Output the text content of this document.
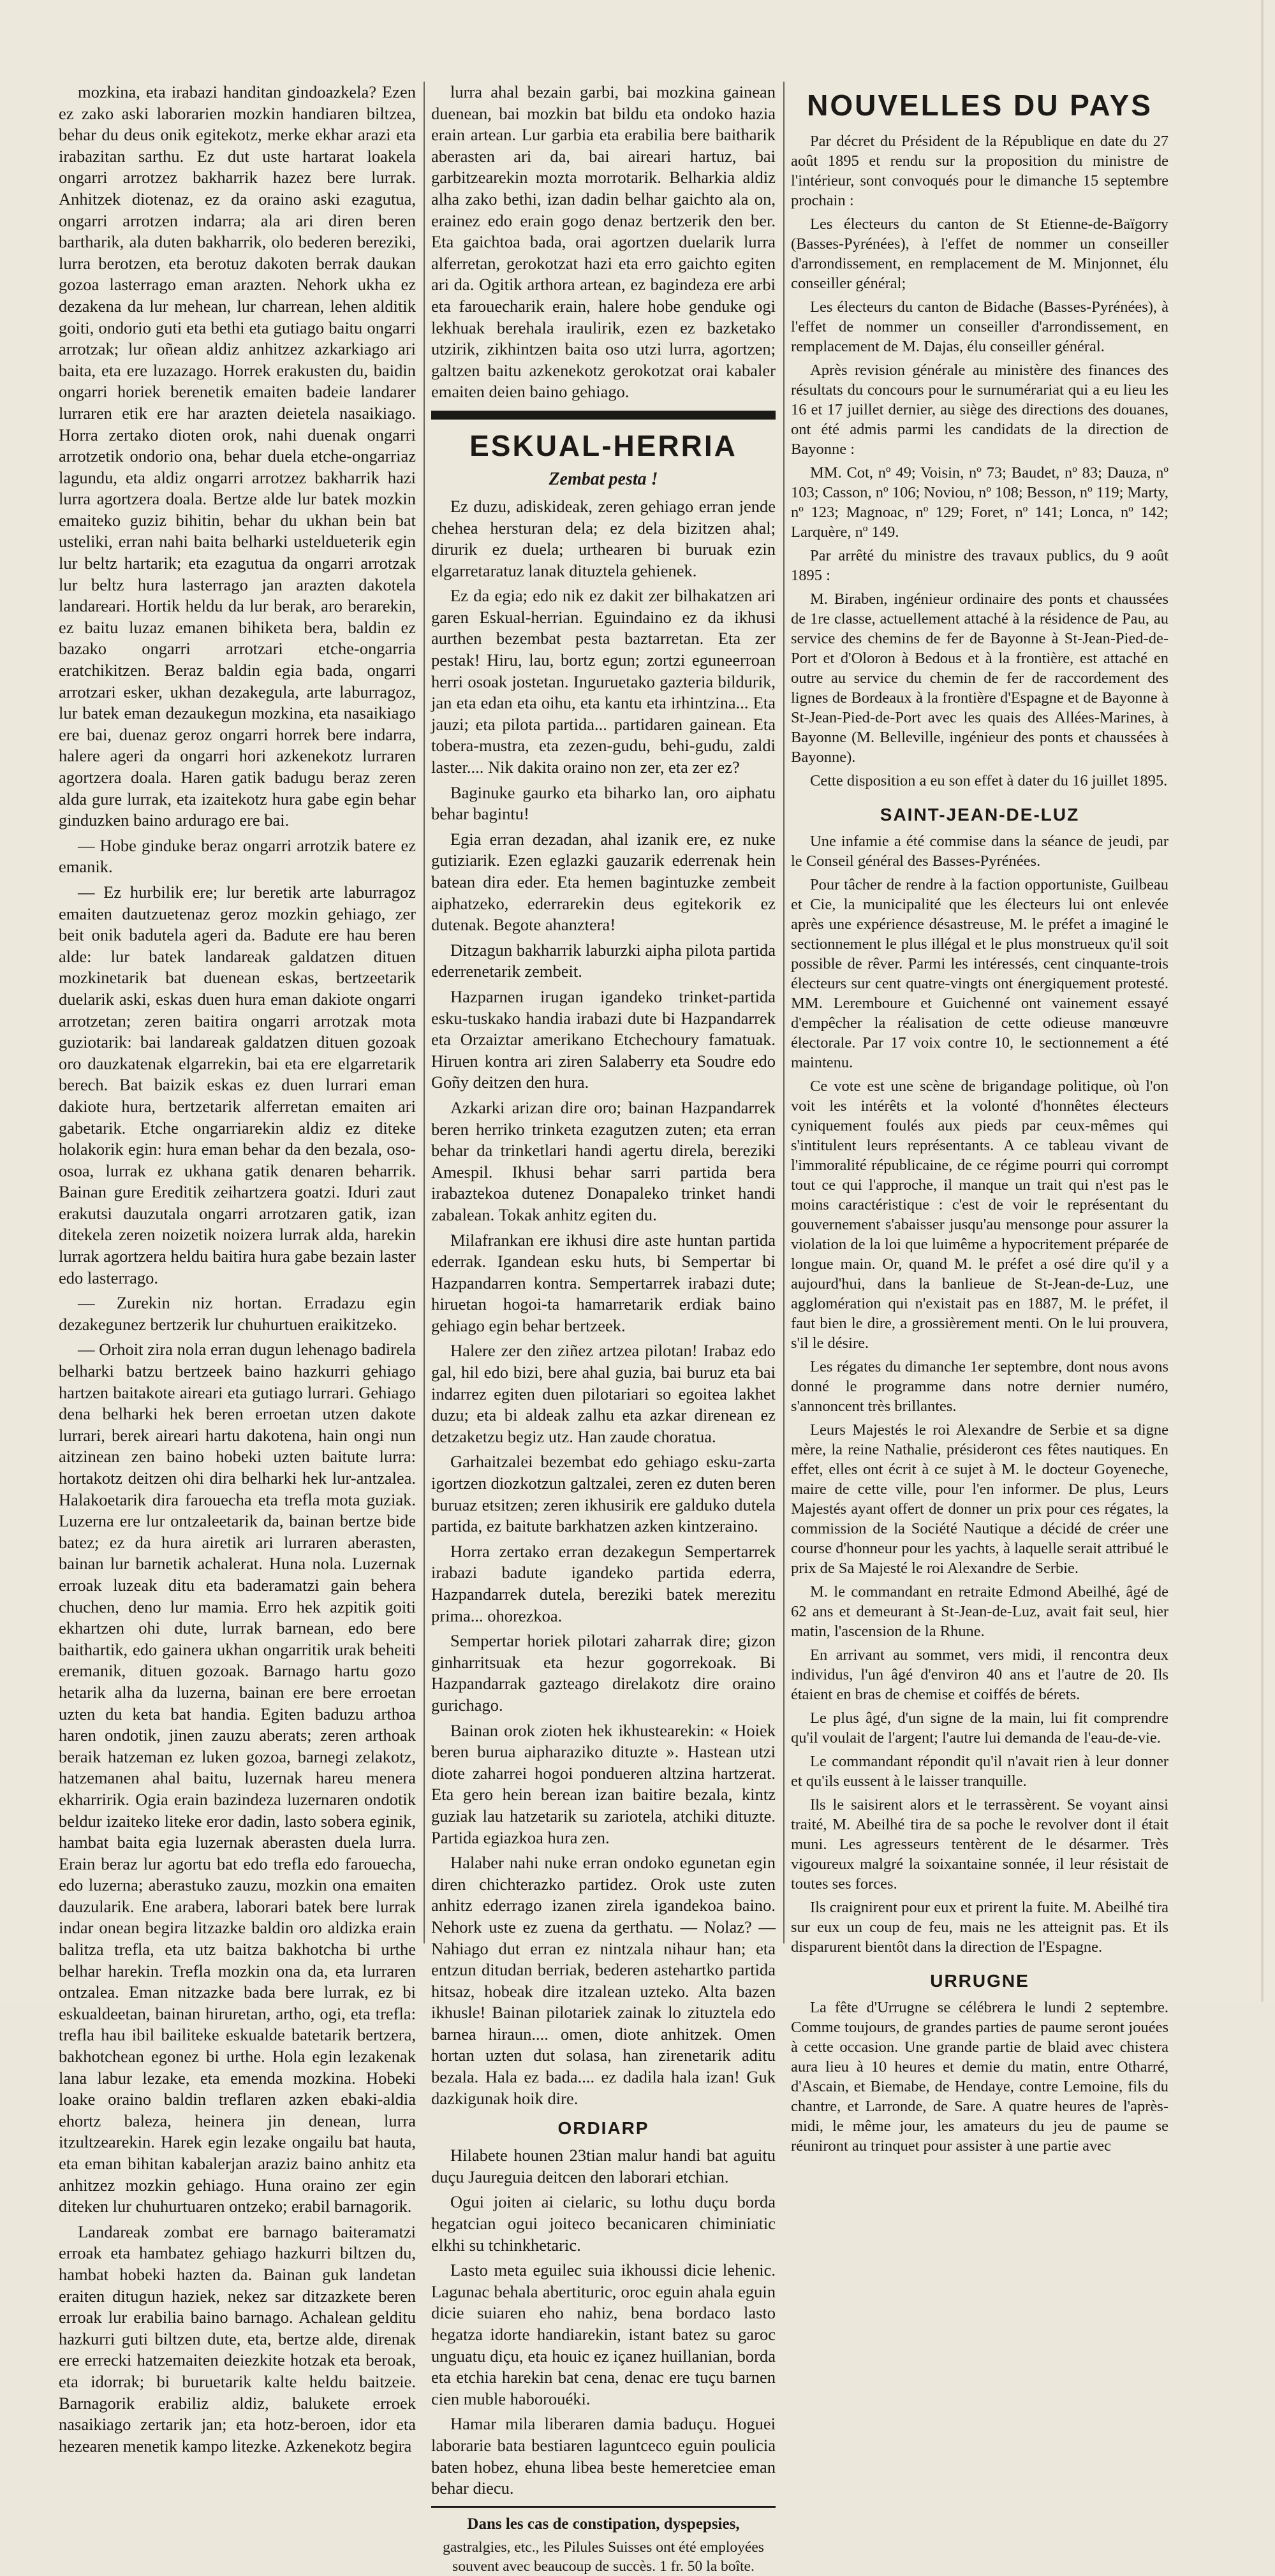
mozkina, eta irabazi handitan gindoazkela? Ezen ez zako aski laborarien mozkin handiaren biltzea, behar du deus onik egitekotz, merke ekhar arazi eta irabazitan sarthu. Ez dut uste hartarat loakela ongarri arrotzez bakharrik hazez bere lurrak. Anhitzek diotenaz, ez da oraino aski ezagutua, ongarri arrotzen indarra; ala ari diren beren bartharik, ala duten bakharrik, olo bederen bereziki, lurra berotzen, eta berotuz dakoten berrak daukan gozoa lasterrago eman arazten. Nehork ukha ez dezakena da lur mehean, lur charrean, lehen alditik goiti, ondorio guti eta bethi eta gutiago baitu ongarri arrotzak; lur oñean aldiz anhitzez azkarkiago ari baita, eta ere luzazago. Horrek erakusten du, baidin ongarri horiek berenetik emaiten badeie landarer lurraren etik ere har arazten deietela nasaikiago. Horra zertako dioten orok, nahi duenak ongarri arrotzetik ondorio ona, behar duela etche-ongarriaz lagundu, eta aldiz ongarri arrotzez bakharrik hazi lurra agortzera doala. Bertze alde lur batek mozkin emaiteko guziz bihitin, behar du ukhan bein bat usteliki, erran nahi baita belharki usteldueterik egin lur beltz hartarik; eta ezagutua da ongarri arrotzak lur beltz hura lasterrago jan arazten dakotela landareari. Hortik heldu da lur berak, aro berarekin, ez baitu luzaz emanen bihiketa bera, baldin ez bazako ongarri arrotzari etche-ongarria eratchikitzen. Beraz baldin egia bada, ongarri arrotzari esker, ukhan dezakegula, arte laburragoz, lur batek eman dezaukegun mozkina, eta nasaikiago ere bai, duenaz geroz ongarri horrek bere indarra, halere ageri da ongarri hori azkenekotz lurraren agortzera doala. Haren gatik badugu beraz zeren alda gure lurrak, eta izaitekotz hura gabe egin behar ginduzken baino ardurago ere bai.

— Hobe ginduke beraz ongarri arrotzik batere ez emanik.

— Ez hurbilik ere; lur beretik arte laburragoz emaiten dautzuetenaz geroz mozkin gehiago, zer beit onik badutela ageri da. Badute ere hau beren alde: lur batek landareak galdatzen dituen mozkinetarik bat duenean eskas, bertzeetarik duelarik aski, eskas duen hura eman dakiote ongarri arrotzetan; zeren baitira ongarri arrotzak mota guziotarik: bai landareak galdatzen dituen gozoak oro dauzkatenak elgarrekin, bai eta ere elgarretarik berech. Bat baizik eskas ez duen lurrari eman dakiote hura, bertzetarik alferretan emaiten ari gabetarik. Etche ongarriarekin aldiz ez diteke holakorik egin: hura eman behar da den bezala, oso-osoa, lurrak ez ukhana gatik denaren beharrik. Bainan gure Ereditik zeihartzera goatzi. Iduri zaut erakutsi dauzutala ongarri arrotzaren gatik, izan ditekela zeren noizetik noizera lurrak alda, harekin lurrak agortzera heldu baitira hura gabe bezain laster edo lasterrago.

— Zurekin niz hortan. Erradazu egin dezakegunez bertzerik lur chuhurtuen eraikitzeko.

— Orhoit zira nola erran dugun lehenago badirela belharki batzu bertzeek baino hazkurri gehiago hartzen baitakote aireari eta gutiago lurrari. Gehiago dena belharki hek beren erroetan utzen dakote lurrari, berek aireari hartu dakotena, hain ongi nun aitzinean zen baino hobeki uzten baitute lurra: hortakotz deitzen ohi dira belharki hek lur-antzalea. Halakoetarik dira farouecha eta trefla mota guziak. Luzerna ere lur ontzaleetarik da, bainan bertze bide batez; ez da hura airetik ari lurraren aberasten, bainan lur barnetik achalerat. Huna nola. Luzernak erroak luzeak ditu eta baderamatzi gain behera chuchen, deno lur mamia. Erro hek azpitik goiti ekhartzen ohi dute, lurrak barnean, edo bere baithartik, edo gainera ukhan ongarritik urak beheiti eremanik, dituen gozoak. Barnago hartu gozo hetarik alha da luzerna, bainan ere bere erroetan uzten du keta bat handia. Egiten baduzu arthoa haren ondotik, jinen zauzu aberats; zeren arthoak beraik hatzeman ez luken gozoa, barnegi zelakotz, hatzemanen ahal baitu, luzernak hareu menera ekharririk. Ogia erain bazindeza luzernaren ondotik beldur izaiteko liteke eror dadin, lasto sobera eginik, hambat baita egia luzernak aberasten duela lurra. Erain beraz lur agortu bat edo trefla edo farouecha, edo luzerna; aberastuko zauzu, mozkin ona emaiten dauzularik. Ene arabera, laborari batek bere lurrak indar onean begira litzazke baldin oro aldizka erain balitza trefla, eta utz baitza bakhotcha bi urthe belhar harekin. Trefla mozkin ona da, eta lurraren ontzalea. Eman nitzazke bada bere lurrak, ez bi eskualdeetan, bainan hiruretan, artho, ogi, eta trefla: trefla hau ibil bailiteke eskualde batetarik bertzera, bakhotchean egonez bi urthe. Hola egin lezakenak lana labur lezake, eta emenda mozkina. Hobeki loake oraino baldin treflaren azken ebaki-aldia ehortz baleza, heinera jin denean, lurra itzultzearekin. Harek egin lezake ongailu bat hauta, eta eman bihitan kabalerjan araziz baino anhitz eta anhitzez mozkin gehiago. Huna oraino zer egin diteken lur chuhurtuaren ontzeko; erabil barnagorik.

Landareak zombat ere barnago baiteramatzi erroak eta hambatez gehiago hazkurri biltzen du, hambat hobeki hazten da. Bainan guk landetan eraiten ditugun haziek, nekez sar ditzazkete beren erroak lur erabilia baino barnago. Achalean gelditu hazkurri guti biltzen dute, eta, bertze alde, direnak ere errecki hatzemaiten deiezkite hotzak eta beroak, eta idorrak; bi buruetarik kalte heldu baitzeie. Barnagorik erabiliz aldiz, balukete erroek nasaikiago zertarik jan; eta hotz-beroen, idor eta hezearen menetik kampo litezke. Azkenekotz begira

lurra ahal bezain garbi, bai mozkina gainean duenean, bai mozkin bat bildu eta ondoko hazia erain artean. Lur garbia eta erabilia bere baitharik aberasten ari da, bai aireari hartuz, bai garbitzearekin mozta morrotarik. Belharkia aldiz alha zako bethi, izan dadin belhar gaichto ala on, erainez edo erain gogo denaz bertzerik den ber. Eta gaichtoa bada, orai agortzen duelarik lurra alferretan, gerokotzat hazi eta erro gaichto egiten ari da. Ogitik arthora artean, ez bagindeza ere arbi eta farouecharik erain, halere hobe genduke ogi lekhuak berehala iraulirik, ezen ez bazketako utzirik, zikhintzen baita oso utzi lurra, agortzen; galtzen baitu azkenekotz gerokotzat orai kabaler emaiten deien baino gehiago.

ESKUAL-HERRIA
Zembat pesta !

Ez duzu, adiskideak, zeren gehiago erran jende chehea hersturan dela; ez dela bizitzen ahal; dirurik ez duela; urthearen bi buruak ezin elgarretaratuz lanak dituztela gehienek.

Ez da egia; edo nik ez dakit zer bilhakatzen ari garen Eskual-herrian. Eguindaino ez da ikhusi aurthen bezembat pesta baztarretan. Eta zer pestak! Hiru, lau, bortz egun; zortzi eguneerroan herri osoak jostetan. Inguruetako gazteria bildurik, jan eta edan eta oihu, eta kantu eta irhintzina... Eta jauzi; eta pilota partida... partidaren gainean. Eta tobera-mustra, eta zezen-gudu, behi-gudu, zaldi laster.... Nik dakita oraino non zer, eta zer ez?

Baginuke gaurko eta biharko lan, oro aiphatu behar bagintu!

Egia erran dezadan, ahal izanik ere, ez nuke gutiziarik. Ezen eglazki gauzarik ederrenak hein batean dira eder. Eta hemen bagintuzke zembeit aiphatzeko, ederrarekin deus egitekorik ez dutenak. Begote ahanztera!

Ditzagun bakharrik laburzki aipha pilota partida ederrenetarik zembeit.

Hazparnen irugan igandeko trinket-partida esku-tuskako handia irabazi dute bi Hazpandarrek eta Orzaiztar amerikano Etchechoury famatuak. Hiruen kontra ari ziren Salaberry eta Soudre edo Goñy deitzen den hura.

Azkarki arizan dire oro; bainan Hazpandarrek beren herriko trinketa ezagutzen zuten; eta erran behar da trinketlari handi agertu direla, bereziki Amespil. Ikhusi behar sarri partida bera irabaztekoa dutenez Donapaleko trinket handi zabalean. Tokak anhitz egiten du.

Milafrankan ere ikhusi dire aste huntan partida ederrak. Igandean esku huts, bi Sempertar bi Hazpandarren kontra. Sempertarrek irabazi dute; hiruetan hogoi-ta hamarretarik erdiak baino gehiago egin behar bertzeek.

Halere zer den ziñez artzea pilotan! Irabaz edo gal, hil edo bizi, bere ahal guzia, bai buruz eta bai indarrez egiten duen pilotariari so egoitea lakhet duzu; eta bi aldeak zalhu eta azkar direnean ez detzaketzu begiz utz. Han zaude choratua.

Garhaitzalei bezembat edo gehiago esku-zarta igortzen diozkotzun galtzalei, zeren ez duten beren buruaz etsitzen; zeren ikhusirik ere galduko dutela partida, ez baitute barkhatzen azken kintzeraino.

Horra zertako erran dezakegun Sempertarrek irabazi badute igandeko partida ederra, Hazpandarrek dutela, bereziki batek merezitu prima... ohorezkoa.

Sempertar horiek pilotari zaharrak dire; gizon ginharritsuak eta hezur gogorrekoak. Bi Hazpandarrak gazteago direlakotz dire oraino gurichago.

Bainan orok zioten hek ikhustearekin: « Hoiek beren burua aipharaziko dituzte ». Hastean utzi diote zaharrei hogoi pondueren altzina hartzerat. Eta gero hein berean izan baitire bezala, kintz guziak lau hatzetarik su zariotela, atchiki dituzte. Partida egiazkoa hura zen.

Halaber nahi nuke erran ondoko egunetan egin diren chichterazko partidez. Orok uste zuten anhitz ederrago izanen zirela igandekoa baino. Nehork uste ez zuena da gerthatu. — Nolaz? — Nahiago dut erran ez nintzala nihaur han; eta entzun ditudan berriak, bederen astehartko partida hitsaz, hobeak dire itzalean uzteko. Alta bazen ikhusle! Bainan pilotariek zainak lo zituztela edo barnea hiraun.... omen, diote anhitzek. Omen hortan uzten dut solasa, han zirenetarik aditu bezala. Hala ez bada.... ez dadila hala izan! Guk dazkigunak hoik dire.

ORDIARP

Hilabete hounen 23tian malur handi bat aguitu duçu Jaureguia deitcen den laborari etchian.

Ogui joiten ai cielaric, su lothu duçu borda hegatcian ogui joiteco becanicaren chiminiatic elkhi su tchinkhetaric.

Lasto meta eguilec suia ikhoussi dicie lehenic. Lagunac behala abertituric, oroc eguin ahala eguin dicie suiaren eho nahiz, bena bordaco lasto hegatza idorte handiarekin, istant batez su garoc unguatu diçu, eta houic ez içanez huillanian, borda eta etchia harekin bat cena, denac ere tuçu barnen cien muble haborouéki.

Hamar mila liberaren damia baduçu. Hoguei laborarie bata bestiaren laguntceco eguin poulicia baten hobez, ehuna libea beste hemeretciee eman behar diecu.

Dans les cas de constipation, dyspepsies,

gastralgies, etc., les Pilules Suisses ont été employées souvent avec beaucoup de succès. 1 fr. 50 la boîte.

NOUVELLES DU PAYS

Par décret du Président de la République en date du 27 août 1895 et rendu sur la proposition du ministre de l'intérieur, sont convoqués pour le dimanche 15 septembre prochain :

Les électeurs du canton de St Etienne-de-Baïgorry (Basses-Pyrénées), à l'effet de nommer un conseiller d'arrondissement, en remplacement de M. Minjonnet, élu conseiller général;

Les électeurs du canton de Bidache (Basses-Pyrénées), à l'effet de nommer un conseiller d'arrondissement, en remplacement de M. Dajas, élu conseiller général.

Après revision générale au ministère des finances des résultats du concours pour le surnumérariat qui a eu lieu les 16 et 17 juillet dernier, au siège des directions des douanes, ont été admis parmi les candidats de la direction de Bayonne :

MM. Cot, nº 49; Voisin, nº 73; Baudet, nº 83; Dauza, nº 103; Casson, nº 106; Noviou, nº 108; Besson, nº 119; Marty, nº 123; Magnoac, nº 129; Foret, nº 141; Lonca, nº 142; Larquère, nº 149.

Par arrêté du ministre des travaux publics, du 9 août 1895 :

M. Biraben, ingénieur ordinaire des ponts et chaussées de 1re classe, actuellement attaché à la résidence de Pau, au service des chemins de fer de Bayonne à St-Jean-Pied-de-Port et d'Oloron à Bedous et à la frontière, est attaché en outre au service du chemin de fer de raccordement des lignes de Bordeaux à la frontière d'Espagne et de Bayonne à St-Jean-Pied-de-Port avec les quais des Allées-Marines, à Bayonne (M. Belleville, ingénieur des ponts et chaussées à Bayonne).

Cette disposition a eu son effet à dater du 16 juillet 1895.

SAINT-JEAN-DE-LUZ

Une infamie a été commise dans la séance de jeudi, par le Conseil général des Basses-Pyrénées.

Pour tâcher de rendre à la faction opportuniste, Guilbeau et Cie, la municipalité que les électeurs lui ont enlevée après une expérience désastreuse, M. le préfet a imaginé le sectionnement le plus illégal et le plus monstrueux qu'il soit possible de rêver. Parmi les intéressés, cent cinquante-trois électeurs sur cent quatre-vingts ont énergiquement protesté. MM. Leremboure et Guichenné ont vainement essayé d'empêcher la réalisation de cette odieuse manœuvre électorale. Par 17 voix contre 10, le sectionnement a été maintenu.

Ce vote est une scène de brigandage politique, où l'on voit les intérêts et la volonté d'honnêtes électeurs cyniquement foulés aux pieds par ceux-mêmes qui s'intitulent leurs représentants. A ce tableau vivant de l'immoralité républicaine, de ce régime pourri qui corrompt tout ce qui l'approche, il manque un trait qui n'est pas le moins caractéristique : c'est de voir le représentant du gouvernement s'abaisser jusqu'au mensonge pour assurer la violation de la loi que luimême a hypocritement préparée de longue main. Or, quand M. le préfet a osé dire qu'il y a aujourd'hui, dans la banlieue de St-Jean-de-Luz, une agglomération qui n'existait pas en 1887, M. le préfet, il faut bien le dire, a grossièrement menti. On le lui prouvera, s'il le désire.

Les régates du dimanche 1er septembre, dont nous avons donné le programme dans notre dernier numéro, s'annoncent très brillantes.

Leurs Majestés le roi Alexandre de Serbie et sa digne mère, la reine Nathalie, présideront ces fêtes nautiques. En effet, elles ont écrit à ce sujet à M. le docteur Goyeneche, maire de cette ville, pour l'en informer. De plus, Leurs Majestés ayant offert de donner un prix pour ces régates, la commission de la Société Nautique a décidé de créer une course d'honneur pour les yachts, à laquelle serait attribué le prix de Sa Majesté le roi Alexandre de Serbie.

M. le commandant en retraite Edmond Abeilhé, âgé de 62 ans et demeurant à St-Jean-de-Luz, avait fait seul, hier matin, l'ascension de la Rhune.

En arrivant au sommet, vers midi, il rencontra deux individus, l'un âgé d'environ 40 ans et l'autre de 20. Ils étaient en bras de chemise et coiffés de bérets.

Le plus âgé, d'un signe de la main, lui fit comprendre qu'il voulait de l'argent; l'autre lui demanda de l'eau-de-vie.

Le commandant répondit qu'il n'avait rien à leur donner et qu'ils eussent à le laisser tranquille.

Ils le saisirent alors et le terrassèrent. Se voyant ainsi traité, M. Abeilhé tira de sa poche le revolver dont il était muni. Les agresseurs tentèrent de le désarmer. Très vigoureux malgré la soixantaine sonnée, il leur résistait de toutes ses forces.

Ils craignirent pour eux et prirent la fuite. M. Abeilhé tira sur eux un coup de feu, mais ne les atteignit pas. Et ils disparurent bientôt dans la direction de l'Espagne.

URRUGNE

La fête d'Urrugne se célébrera le lundi 2 septembre. Comme toujours, de grandes parties de paume seront jouées à cette occasion. Une grande partie de blaid avec chistera aura lieu à 10 heures et demie du matin, entre Otharré, d'Ascain, et Biemabe, de Hendaye, contre Lemoine, fils du chantre, et Larronde, de Sare. A quatre heures de l'après-midi, le même jour, les amateurs du jeu de paume se réuniront au trinquet pour assister à une partie avec
